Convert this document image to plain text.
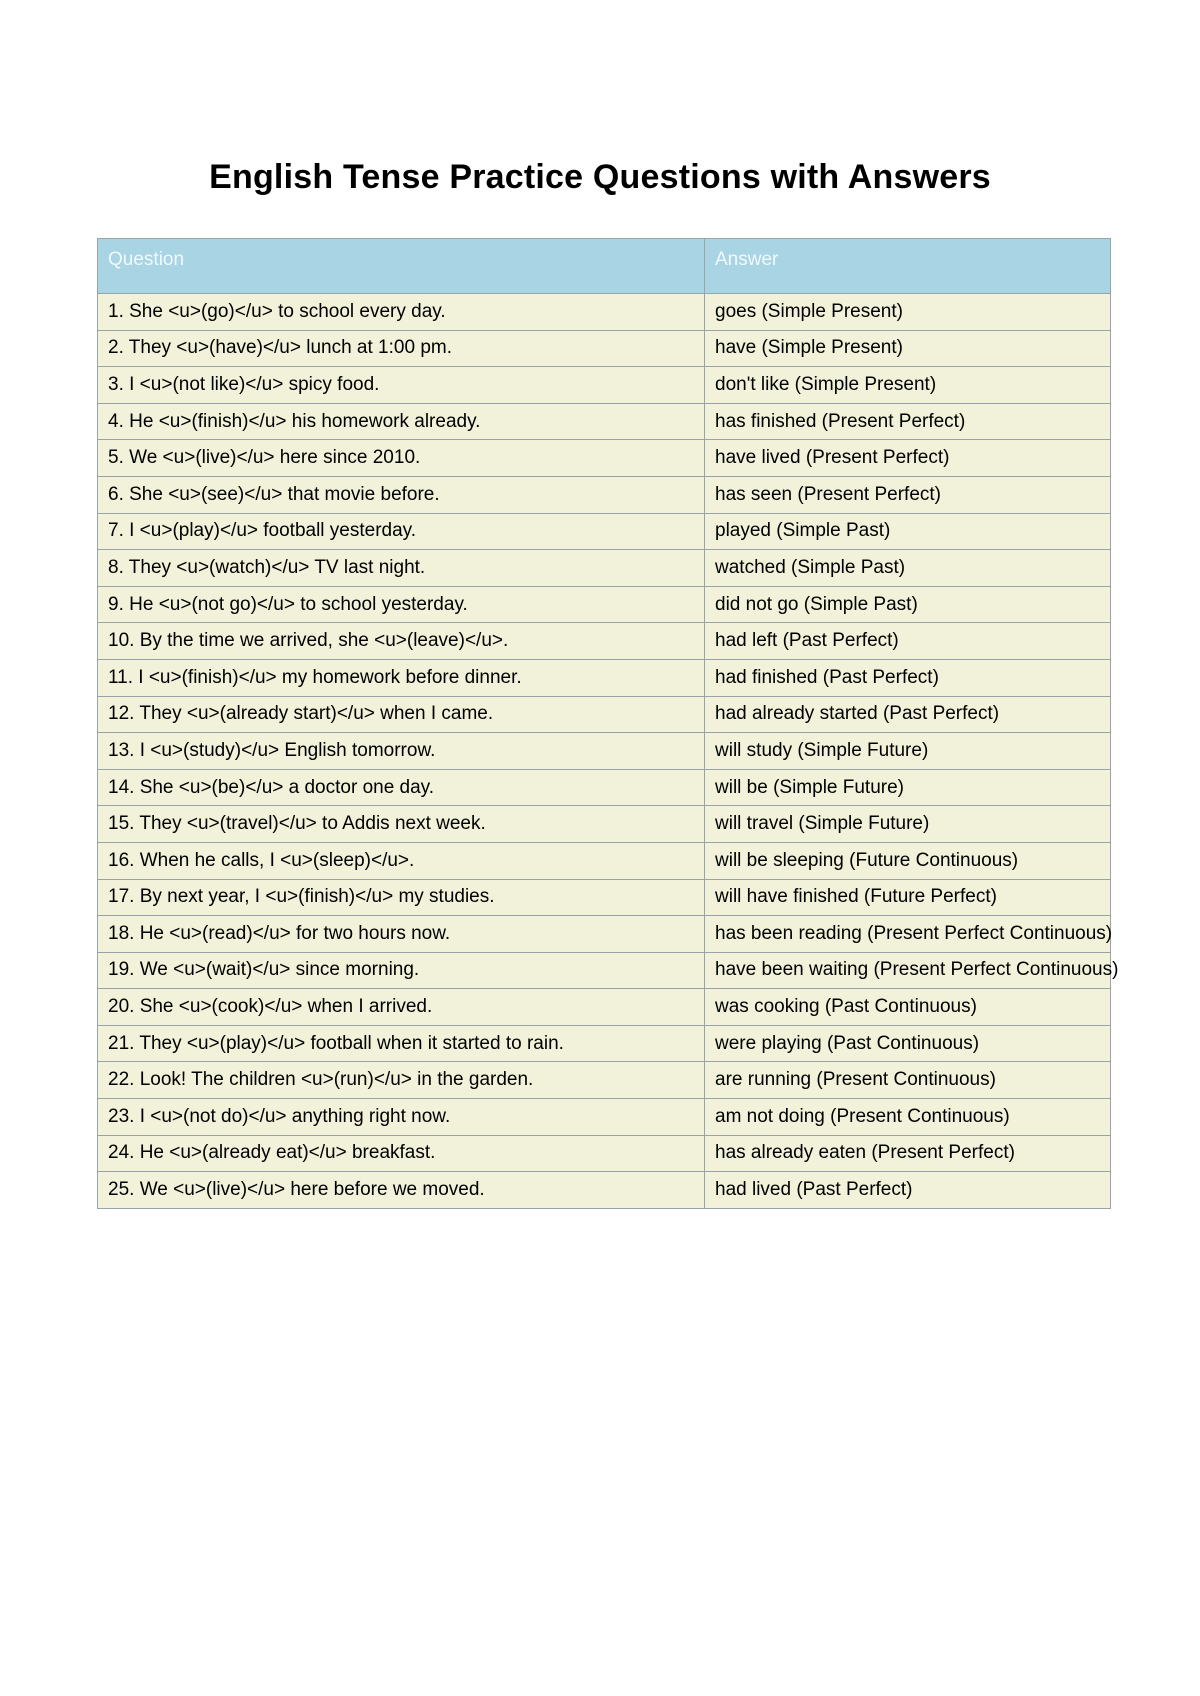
English Tense Practice Questions with Answers
Question	Answer
1. She <u>(go)</u> to school every day.	goes (Simple Present)
2. They <u>(have)</u> lunch at 1:00 pm.	have (Simple Present)
3. I <u>(not like)</u> spicy food.	don't like (Simple Present)
4. He <u>(finish)</u> his homework already.	has finished (Present Perfect)
5. We <u>(live)</u> here since 2010.	have lived (Present Perfect)
6. She <u>(see)</u> that movie before.	has seen (Present Perfect)
7. I <u>(play)</u> football yesterday.	played (Simple Past)
8. They <u>(watch)</u> TV last night.	watched (Simple Past)
9. He <u>(not go)</u> to school yesterday.	did not go (Simple Past)
10. By the time we arrived, she <u>(leave)</u>.	had left (Past Perfect)
11. I <u>(finish)</u> my homework before dinner.	had finished (Past Perfect)
12. They <u>(already start)</u> when I came.	had already started (Past Perfect)
13. I <u>(study)</u> English tomorrow.	will study (Simple Future)
14. She <u>(be)</u> a doctor one day.	will be (Simple Future)
15. They <u>(travel)</u> to Addis next week.	will travel (Simple Future)
16. When he calls, I <u>(sleep)</u>.	will be sleeping (Future Continuous)
17. By next year, I <u>(finish)</u> my studies.	will have finished (Future Perfect)
18. He <u>(read)</u> for two hours now.	has been reading (Present Perfect Continuous)
19. We <u>(wait)</u> since morning.	have been waiting (Present Perfect Continuous)
20. She <u>(cook)</u> when I arrived.	was cooking (Past Continuous)
21. They <u>(play)</u> football when it started to rain.	were playing (Past Continuous)
22. Look! The children <u>(run)</u> in the garden.	are running (Present Continuous)
23. I <u>(not do)</u> anything right now.	am not doing (Present Continuous)
24. He <u>(already eat)</u> breakfast.	has already eaten (Present Perfect)
25. We <u>(live)</u> here before we moved.	had lived (Past Perfect)
